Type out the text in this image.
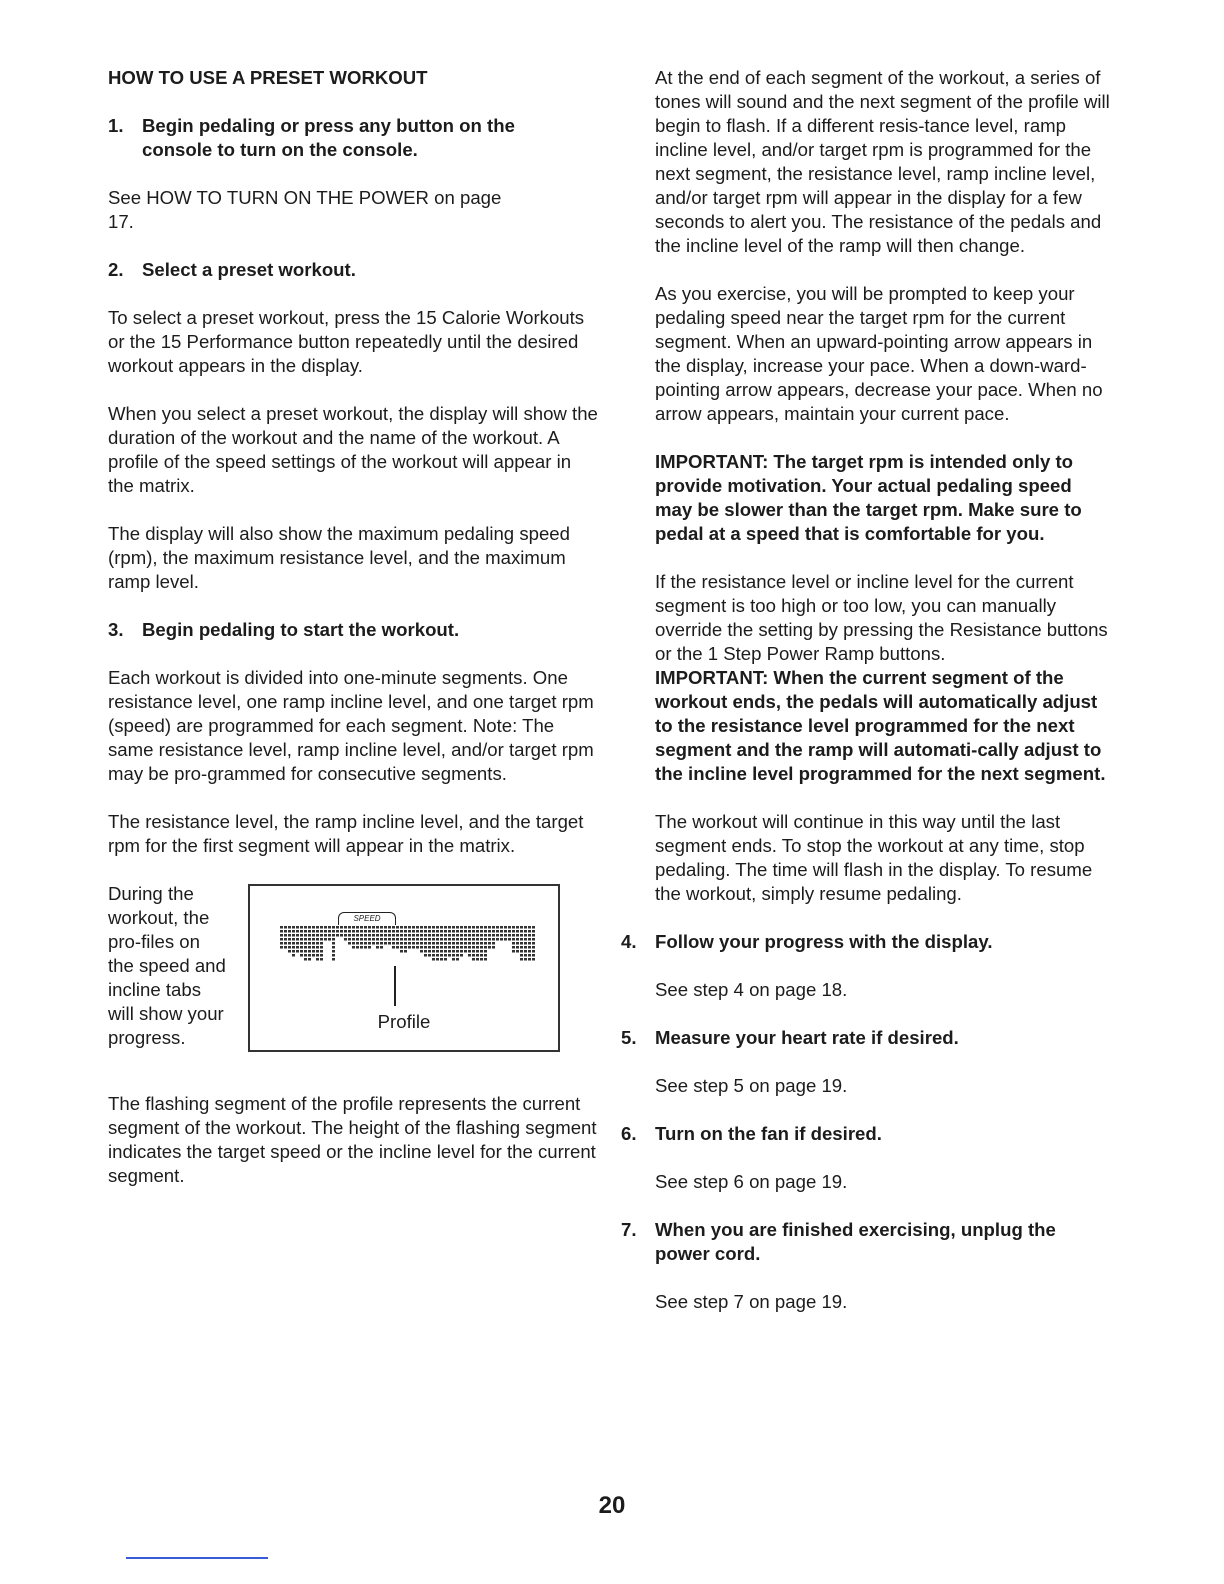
HOW TO USE A PRESET WORKOUT

1. Begin pedaling or press any button on the
console to turn on the console.

See HOW TO TURN ON THE POWER on page 17.

2. Select a preset workout.

To select a preset workout, press the 15 Calorie Workouts or the 15 Performance button repeatedly until the desired workout appears in the display.

When you select a preset workout, the display will show the duration of the workout and the name of the workout. A profile of the speed settings of the workout will appear in the matrix.

The display will also show the maximum pedaling speed (rpm), the maximum resistance level, and the maximum ramp level.

3. Begin pedaling to start the workout.

Each workout is divided into one-minute segments. One resistance level, one ramp incline level, and one target rpm (speed) are programmed for each segment. Note: The same resistance level, ramp incline level, and/or target rpm may be pro-grammed for consecutive segments.

The resistance level, the ramp incline level, and the target rpm for the first segment will appear in the matrix.

During the workout, the pro-files on the speed and incline tabs will show your progress.

SPEED
Profile

The flashing segment of the profile represents the current segment of the workout. The height of the flashing segment indicates the target speed or the incline level for the current segment.

At the end of each segment of the workout, a series of tones will sound and the next segment of the profile will begin to flash. If a different resis-tance level, ramp incline level, and/or target rpm is programmed for the next segment, the resistance level, ramp incline level, and/or target rpm will appear in the display for a few seconds to alert you. The resistance of the pedals and the incline level of the ramp will then change.

As you exercise, you will be prompted to keep your pedaling speed near the target rpm for the current segment. When an upward-pointing arrow appears in the display, increase your pace. When a down-ward-pointing arrow appears, decrease your pace. When no arrow appears, maintain your current pace.

IMPORTANT: The target rpm is intended only to provide motivation. Your actual pedaling speed may be slower than the target rpm. Make sure to pedal at a speed that is comfortable for you.

If the resistance level or incline level for the current segment is too high or too low, you can manually override the setting by pressing the Resistance buttons or the 1 Step Power Ramp buttons.

IMPORTANT: When the current segment of the workout ends, the pedals will automatically adjust to the resistance level programmed for the next segment and the ramp will automati-cally adjust to the incline level programmed for the next segment.

The workout will continue in this way until the last segment ends. To stop the workout at any time, stop pedaling. The time will flash in the display. To resume the workout, simply resume pedaling.

4. Follow your progress with the display.

See step 4 on page 18.

5. Measure your heart rate if desired.

See step 5 on page 19.

6. Turn on the fan if desired.

See step 6 on page 19.

7. When you are finished exercising, unplug the
power cord.

See step 7 on page 19.

20
